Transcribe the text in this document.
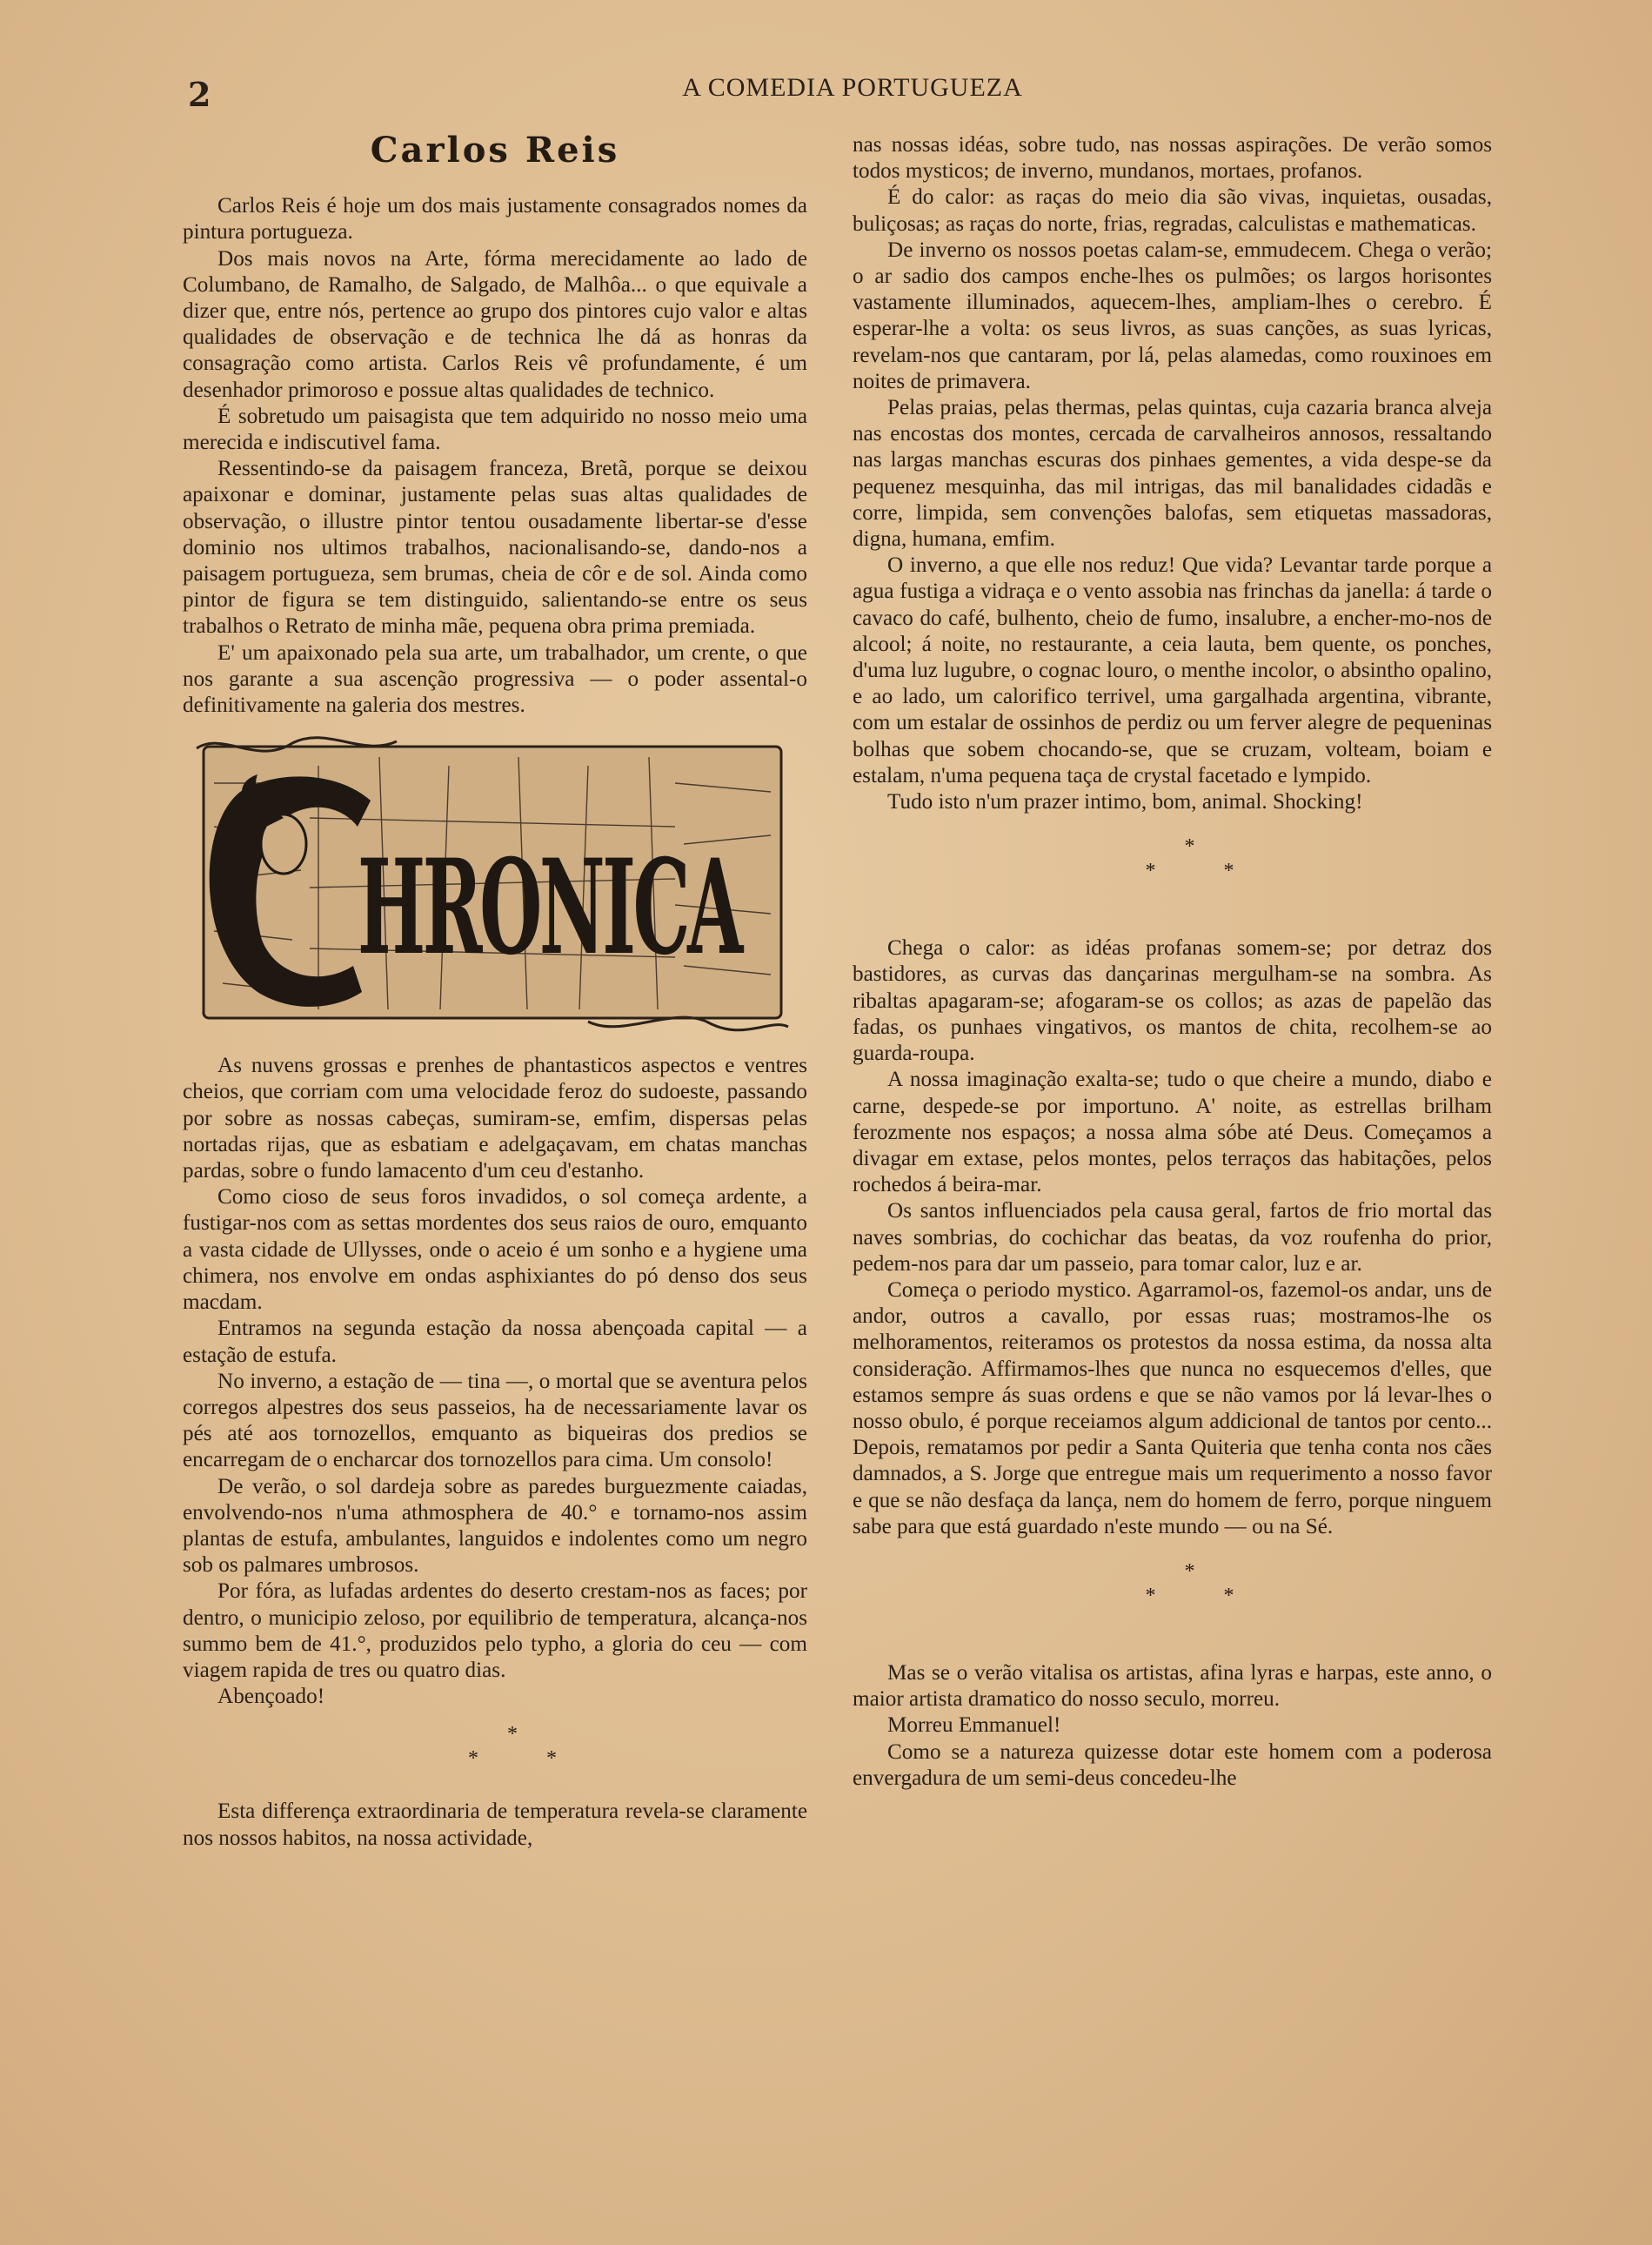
2	A COMEDIA PORTUGUEZA
Carlos Reis

Carlos Reis é hoje um dos mais justamente consagrados nomes da pintura portugueza.

Dos mais novos na Arte, fórma merecidamente ao lado de Columbano, de Ramalho, de Salgado, de Malhôa... o que equivale a dizer que, entre nós, pertence ao grupo dos pintores cujo valor e altas qualidades de observação e de technica lhe dá as honras da consagração como artista. Carlos Reis vê profundamente, é um desenhador primoroso e possue altas qualidades de technico.

É sobretudo um paisagista que tem adquirido no nosso meio uma merecida e indiscutivel fama.

Ressentindo-se da paisagem franceza, Bretã, porque se deixou apaixonar e dominar, justamente pelas suas altas qualidades de observação, o illustre pintor tentou ousadamente libertar-se d'esse dominio nos ultimos trabalhos, nacionalisando-se, dando-nos a paisagem portugueza, sem brumas, cheia de côr e de sol. Ainda como pintor de figura se tem distinguido, salientando-se entre os seus trabalhos o Retrato de minha mãe, pequena obra prima premiada.

E' um apaixonado pela sua arte, um trabalhador, um crente, o que nos garante a sua ascenção progressiva — o poder assental-o definitivamente na galeria dos mestres.

HRONICA

As nuvens grossas e prenhes de phantasticos aspectos e ventres cheios, que corriam com uma velocidade feroz do sudoeste, passando por sobre as nossas cabeças, sumiram-se, emfim, dispersas pelas nortadas rijas, que as esbatiam e adelgaçavam, em chatas manchas pardas, sobre o fundo lamacento d'um ceu d'estanho.

Como cioso de seus foros invadidos, o sol começa ardente, a fustigar-nos com as settas mordentes dos seus raios de ouro, emquanto a vasta cidade de Ullysses, onde o aceio é um sonho e a hygiene uma chimera, nos envolve em ondas asphixiantes do pó denso dos seus macdam.

Entramos na segunda estação da nossa abençoada capital — a estação de estufa.

No inverno, a estação de — tina —, o mortal que se aventura pelos corregos alpestres dos seus passeios, ha de necessariamente lavar os pés até aos tornozellos, emquanto as biqueiras dos predios se encarregam de o encharcar dos tornozellos para cima. Um consolo!

De verão, o sol dardeja sobre as paredes burguezmente caiadas, envolvendo-nos n'uma athmosphera de 40.° e tornamo-nos assim plantas de estufa, ambulantes, languidos e indolentes como um negro sob os palmares umbrosos.

Por fóra, as lufadas ardentes do deserto crestam-nos as faces; por dentro, o municipio zeloso, por equilibrio de temperatura, alcança-nos summo bem de 41.°, produzidos pelo typho, a gloria do ceu — com viagem rapida de tres ou quatro dias.

Abençoado!

*

* *

Esta differença extraordinaria de temperatura revela-se claramente nos nossos habitos, na nossa actividade,

nas nossas idéas, sobre tudo, nas nossas aspirações. De verão somos todos mysticos; de inverno, mundanos, mortaes, profanos.

É do calor: as raças do meio dia são vivas, inquietas, ousadas, buliçosas; as raças do norte, frias, regradas, calculistas e mathematicas.

De inverno os nossos poetas calam-se, emmudecem. Chega o verão; o ar sadio dos campos enche-lhes os pulmões; os largos horisontes vastamente illuminados, aquecem-lhes, ampliam-lhes o cerebro. É esperar-lhe a volta: os seus livros, as suas canções, as suas lyricas, revelam-nos que cantaram, por lá, pelas alamedas, como rouxinoes em noites de primavera.

Pelas praias, pelas thermas, pelas quintas, cuja cazaria branca alveja nas encostas dos montes, cercada de carvalheiros annosos, ressaltando nas largas manchas escuras dos pinhaes gementes, a vida despe-se da pequenez mesquinha, das mil intrigas, das mil banalidades cidadãs e corre, limpida, sem convenções balofas, sem etiquetas massadoras, digna, humana, emfim.

O inverno, a que elle nos reduz! Que vida? Levantar tarde porque a agua fustiga a vidraça e o vento assobia nas frinchas da janella: á tarde o cavaco do café, bulhento, cheio de fumo, insalubre, a encher-mo-nos de alcool; á noite, no restaurante, a ceia lauta, bem quente, os ponches, d'uma luz lugubre, o cognac louro, o menthe incolor, o absintho opalino, e ao lado, um calorifico terrivel, uma gargalhada argentina, vibrante, com um estalar de ossinhos de perdiz ou um ferver alegre de pequeninas bolhas que sobem chocando-se, que se cruzam, volteam, boiam e estalam, n'uma pequena taça de crystal facetado e lympido.

Tudo isto n'um prazer intimo, bom, animal. Shocking!

*

* *

Chega o calor: as idéas profanas somem-se; por detraz dos bastidores, as curvas das dançarinas mergulham-se na sombra. As ribaltas apagaram-se; afogaram-se os collos; as azas de papelão das fadas, os punhaes vingativos, os mantos de chita, recolhem-se ao guarda-roupa.

A nossa imaginação exalta-se; tudo o que cheire a mundo, diabo e carne, despede-se por importuno. A' noite, as estrellas brilham ferozmente nos espaços; a nossa alma sóbe até Deus. Começamos a divagar em extase, pelos montes, pelos terraços das habitações, pelos rochedos á beira-mar.

Os santos influenciados pela causa geral, fartos de frio mortal das naves sombrias, do cochichar das beatas, da voz roufenha do prior, pedem-nos para dar um passeio, para tomar calor, luz e ar.

Começa o periodo mystico. Agarramol-os, fazemol-os andar, uns de andor, outros a cavallo, por essas ruas; mostramos-lhe os melhoramentos, reiteramos os protestos da nossa estima, da nossa alta consideração. Affirmamos-lhes que nunca no esquecemos d'elles, que estamos sempre ás suas ordens e que se não vamos por lá levar-lhes o nosso obulo, é porque receiamos algum addicional de tantos por cento... Depois, rematamos por pedir a Santa Quiteria que tenha conta nos cães damnados, a S. Jorge que entregue mais um requerimento a nosso favor e que se não desfaça da lança, nem do homem de ferro, porque ninguem sabe para que está guardado n'este mundo — ou na Sé.

*

* *

Mas se o verão vitalisa os artistas, afina lyras e harpas, este anno, o maior artista dramatico do nosso seculo, morreu.

Morreu Emmanuel!

Como se a natureza quizesse dotar este homem com a poderosa envergadura de um semi-deus concedeu-lhe
